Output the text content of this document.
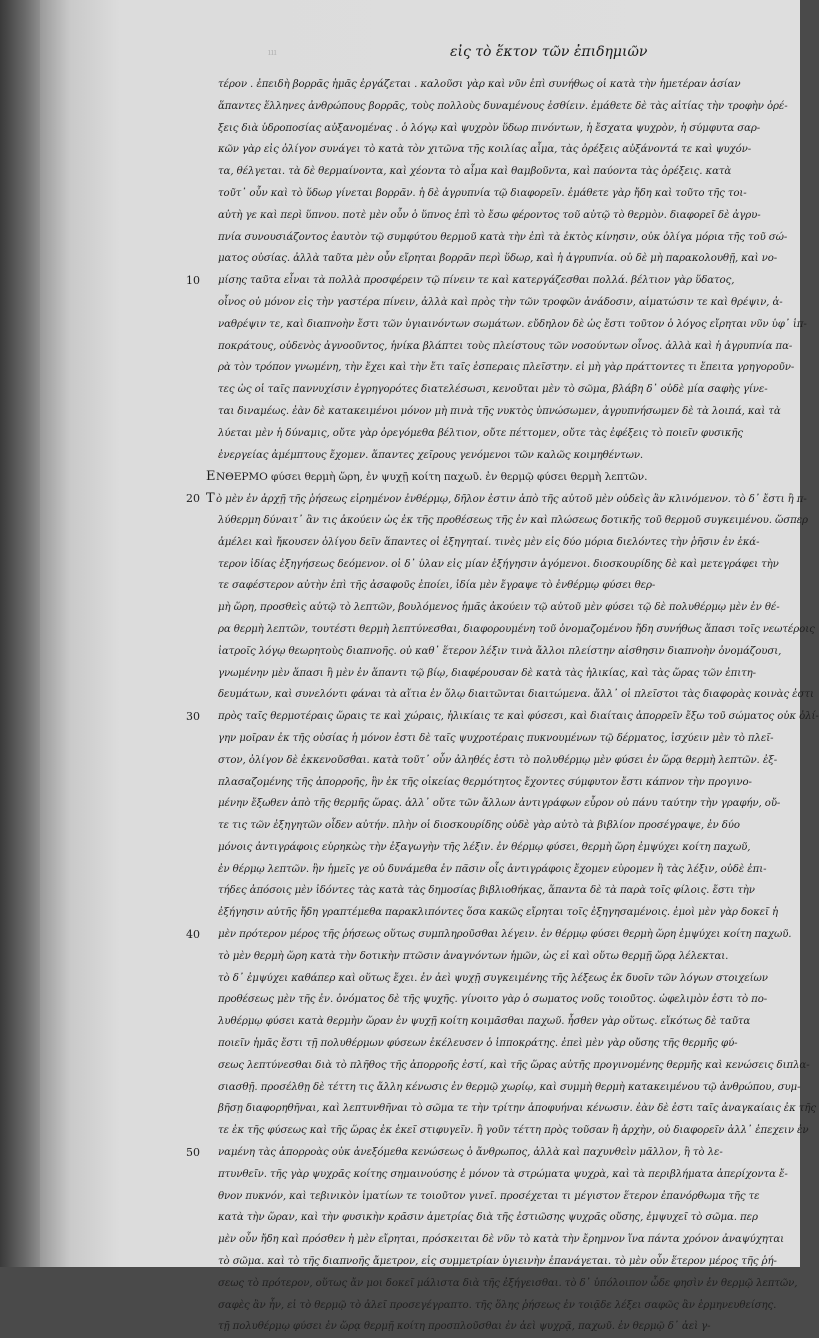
ııı	εἰς τὸ ἕκτον τῶν ἐπιδημιῶν
τέρον . ἐπειδὴ βορρᾶς ἡμᾶς ἐργάζεται . καλοῦσι γὰρ καὶ νῦν ἐπὶ συνήθως οἱ κατὰ τὴν ἡμετέραν ἀσίαν
ἅπαντες ἕλληνες ἀνθρώπους βορρᾶς, τοὺς πολλοὺς δυναμένους ἐσθίειν. ἐμάθετε δὲ τὰς αἰτίας τὴν τροφὴν ὀρέ-
ξεις διὰ ὑδροποσίας αὐξανομένας . ὁ λόγῳ καὶ ψυχρὸν ὕδωρ πινόντων, ἡ ἔσχατα ψυχρὸν, ἡ σύμφυτα σαρ-
κῶν γὰρ εἰς ὀλίγον συνάγει τὸ κατὰ τὸν χιτῶνα τῆς κοιλίας αἷμα, τὰς ὀρέξεις αὐξάνοντά τε καὶ ψυχόν-
τα, θέλγεται. τὰ δὲ θερμαίνοντα, καὶ χέοντα τὸ αἷμα καὶ θαμβοῦντα, καὶ παύοντα τὰς ὀρέξεις. κατὰ
τοῦτ᾽ οὖν καὶ τὸ ὕδωρ γίνεται βορρᾶν. ἡ δὲ ἀγρυπνία τῷ διαφορεῖν. ἐμάθετε γὰρ ἤδη καὶ τοῦτο τῆς τοι-
αὐτὴ γε καὶ περὶ ὕπνου. ποτὲ μὲν οὖν ὁ ὕπνος ἐπὶ τὸ ἔσω φέροντος τοῦ αὐτῷ τὸ θερμὸν. διαφορεῖ δὲ ἀγρυ-
πνία συνουσιάζοντος ἑαυτὸν τῷ συμφύτου θερμοῦ κατὰ τὴν ἐπὶ τὰ ἐκτὸς κίνησιν, οὐκ ὀλίγα μόρια τῆς τοῦ σώ-
ματος οὐσίας. ἀλλὰ ταῦτα μὲν οὖν εἴρηται βορρᾶν περὶ ὕδωρ, καὶ ἡ ἀγρυπνία. οὐ δὲ μὴ παρακολουθῇ, καὶ νο-
μίσης ταῦτα εἶναι τὰ πολλὰ προσφέρειν τῷ πίνειν τε καὶ κατεργάζεσθαι πολλά. βέλτιον γὰρ ὕδατος,
οἶνος οὐ μόνον εἰς τὴν γαστέρα πίνειν, ἀλλὰ καὶ πρὸς τὴν τῶν τροφῶν ἀνάδοσιν, αἱματώσιν τε καὶ θρέψιν, ἀ-
ναθρέψιν τε, καὶ διαπνοὴν ἔστι τῶν ὑγιαινόντων σωμάτων. εὔδηλον δὲ ὡς ἔστι τοῦτον ὁ λόγος εἴρηται νῦν ὑφ᾽ ἱπ-
ποκράτους, οὐδενὸς ἀγνοοῦντος, ἡνίκα βλάπτει τοὺς πλείστους τῶν νοσούντων οἶνος. ἀλλὰ καὶ ἡ ἀγρυπνία πα-
ρὰ τὸν τρόπον γνωμένη, τὴν ἔχει καὶ τὴν ἔτι ταῖς ἑσπεραις πλεῖστην. εἰ μὴ γὰρ πράττοντες τι ἔπειτα γρηγοροῦν-
τες ὡς οἱ ταῖς παννυχίσιν ἐγρηγορότες διατελέσωσι, κενοῦται μὲν τὸ σῶμα, βλάβη δ᾽ οὐδὲ μία σαφὴς γίνε-
ται διναμέως. ἐὰν δὲ κατακειμένοι μόνον μὴ πινὰ τῆς νυκτὸς ὑπνώσωμεν, ἀγρυπνήσωμεν δὲ τὰ λοιπά, καὶ τὰ
λύεται μὲν ἡ δύναμις, οὔτε γὰρ ὀρεγόμεθα βέλτιον, οὔτε πέττομεν, οὔτε τὰς ἐφέξεις τὸ ποιεῖν φυσικῆς
ἐνεργείας ἀμέμπτους ἔχομεν. ἅπαντες χεῖρους γενόμενοι τῶν καλῶς κοιμηθέντων.
ΕΝΘΕΡΜΟ φύσει θερμὴ ὥρη, ἐν ψυχῇ κοίτη παχωῦ. ἐν θερμῷ φύσει θερμὴ λεπτῶν.
Τὸ μὲν ἐν ἀρχῇ τῆς ῥήσεως εἰρημένον ἐνθέρμῳ, δῆλον ἐστιν ἀπὸ τῆς αὐτοῦ μὲν οὐδεὶς ἂν κλινόμενον. τὸ δ᾽ ἔστι ἢ π-
λύθερμη δύναιτ᾽ ἂν τις ἀκούειν ὡς ἐκ τῆς προθέσεως τῆς ἐν καὶ πλώσεως δοτικῆς τοῦ θερμοῦ συγκειμένου. ὥσπερ
ἀμέλει καὶ ἤκουσεν ὀλίγου δεῖν ἅπαντες οἱ ἐξηγηταί. τινὲς μὲν εἰς δύο μόρια διελόντες τὴν ῥῆσιν ἐν ἑκά-
τερον ἰδίας ἐξηγήσεως δεόμενον. οἱ δ᾽ ὑλαν εἰς μίαν ἐξήγησιν ἀγόμενοι. διοσκουρίδης δὲ καὶ μετεγράφει τὴν
τε σαφέστερον αὐτὴν ἐπὶ τῆς ἀσαφοῦς ἐποίει, ἰδία μὲν ἔγραψε τὸ ἐνθέρμῳ φύσει θερ-
μὴ ὥρη, προσθεὶς αὐτῷ τὸ λεπτῶν, βουλόμενος ἡμᾶς ἀκούειν τῷ αὐτοῦ μὲν φύσει τῷ δὲ πολυθέρμῳ μὲν ἐν θέ-
ρα θερμὴ λεπτῶν, τουτέστι θερμὴ λεπτύνεσθαι, διαφορουμένη τοῦ ὀνομαζομένου ἤδη συνήθως ἅπασι τοῖς νεωτέροις
ἰατροῖς λόγῳ θεωρητοὺς διαπνοῆς. οὐ καθ᾽ ἕτερον λέξιν τινὰ ἄλλοι πλείστην αἰσθησιν διαπνοὴν ὀνομάζουσι,
γνωμένην μὲν ἅπασι ἢ μὲν ἐν ἅπαντι τῷ βίῳ, διαφέρουσαν δὲ κατὰ τὰς ἡλικίας, καὶ τὰς ὥρας τῶν ἐπιτη-
δευμάτων, καὶ συνελόντι φάναι τὰ αἴτια ἐν ὅλῳ διαιτῶνται διαιτώμενα. ἄλλ᾽ οἱ πλεῖστοι τὰς διαφορὰς κοινὰς ἐστι
πρὸς ταῖς θερμοτέραις ὥραις τε καὶ χώραις, ἡλικίαις τε καὶ φύσεσι, καὶ διαίταις ἀπορρεῖν ἔξω τοῦ σώματος οὐκ ὀλί-
γην μοῖραν ἐκ τῆς οὐσίας ἡ μόνον ἐστι δὲ ταῖς ψυχροτέραις πυκνουμένων τῷ δέρματος, ἰσχύειν μὲν τὸ πλεῖ-
στον, ὀλίγον δὲ ἐκκενοῦσθαι. κατὰ τοῦτ᾽ οὖν ἀληθές ἐστι τὸ πολυθέρμῳ μὲν φύσει ἐν ὥρᾳ θερμὴ λεπτῶν. ἐξ-
πλασαζομένης τῆς ἀπορροῆς, ἣν ἐκ τῆς οἰκείας θερμότητος ἔχοντες σύμφυτον ἔστι κάπνον τὴν προγινο-
μένην ἔξωθεν ἀπὸ τῆς θερμῆς ὥρας. ἀλλ᾽ οὔτε τῶν ἄλλων ἀντιγράφων εὗρον οὐ πάνυ ταύτην τὴν γραφήν, οὔ-
τε τις τῶν ἐξηγητῶν οἶδεν αὐτήν. πλὴν οἱ διοσκουρίδης οὐδὲ γὰρ αὐτὸ τὰ βιβλίον προσέγραψε, ἐν δύο
μόνοις ἀντιγράφοις εὑρηκὼς τὴν ἐξαγωγὴν τῆς λέξιν. ἐν θέρμῳ φύσει, θερμὴ ὥρη ἐμψύχει κοίτη παχωῦ,
ἐν θέρμῳ λεπτῶν. ἣν ἡμεῖς γε οὐ δυνάμεθα ἐν πᾶσιν οἷς ἀντιγράφοις ἔχομεν εὑρομεν ἢ τὰς λέξιν, οὐδὲ ἐπι-
τήδες ἀπόσοις μὲν ἰδόντες τὰς κατὰ τὰς δημοσίας βιβλιοθήκας, ἅπαντα δὲ τὰ παρὰ τοῖς φίλοις. ἔστι τὴν
ἐξήγησιν αὐτῆς ἤδη γραπτέμεθα παρακλιπόντες ὅσα κακῶς εἴρηται τοῖς ἐξηγησαμένοις. ἐμοὶ μὲν γὰρ δοκεῖ ἡ
μὲν πρότερον μέρος τῆς ῥήσεως οὕτως συμπληροῦσθαι λέγειν. ἐν θέρμῳ φύσει θερμὴ ὥρη ἐμψύχει κοίτη παχωῦ.
τὸ μὲν θερμὴ ὥρη κατὰ τὴν δοτικὴν πτῶσιν ἀναγνόντων ἡμῶν, ὡς εἰ καὶ οὕτω θερμῇ ὥρᾳ λέλεκται.
τὸ δ᾽ ἐμψύχει καθάπερ καὶ οὕτως ἔχει. ἐν ἀεὶ ψυχῇ συγκειμένης τῆς λέξεως ἐκ δυοῖν τῶν λόγων στοιχείων
προθέσεως μὲν τῆς ἐν. ὀνόματος δὲ τῆς ψυχῆς. γίνοιτο γὰρ ὁ σωματος νοῦς τοιοῦτος. ὠφελιμὸν ἐστι τὸ πο-
λυθέρμῳ φύσει κατὰ θερμὴν ὥραν ἐν ψυχῇ κοίτη κοιμᾶσθαι παχωῦ. ἦσθεν γὰρ οὕτως. εἴκότως δὲ ταῦτα
ποιεῖν ἡμᾶς ἔστι τῇ πολυθέρμων φύσεων ἐκέλευσεν ὁ ἱπποκράτης. ἐπεὶ μὲν γὰρ οὔσης τῆς θερμῆς φύ-
σεως λεπτύνεσθαι διὰ τὸ πλῆθος τῆς ἀπορροῆς ἐστί, καὶ τῆς ὥρας αὐτῆς προγινομένης θερμῆς καὶ κενώσεις διπλα-
σιασθῇ. προσέλθῃ δὲ τέττη τις ἄλλη κένωσις ἐν θερμῷ χωρίῳ, καὶ συμμὴ θερμὴ κατακειμένου τῷ ἀνθρώπου, συμ-
βῆσῃ διαφορηθῆναι, καὶ λεπτυνθῆναι τὸ σῶμα τε τὴν τρίτην ἀποφυήναι κένωσιν. ἐὰν δὲ ἐστι ταῖς ἀναγκαίαις ἐκ τῆς
τε ἐκ τῆς φύσεως καὶ τῆς ὥρας ἐκ ἐκεῖ στιφυγεῖν. ἢ γοῦν τέττη πρὸς τοῦσαν ἢ ἀρχὴν, οὐ διαφορεῖν ἀλλ᾽ ἐπεχειν ἐν
ναμένη τὰς ἀπορροὰς οὐκ ἀνεξόμεθα κενώσεως ὁ ἄνθρωπος, ἀλλὰ καὶ παχυνθεὶν μᾶλλον, ἢ τὸ λε-
πτυνθεῖν. τῆς γὰρ ψυχρᾶς κοίτης σημαινούσης ἐ μόνον τὰ στρώματα ψυχρὰ, καὶ τὰ περιβλήματα ἀπερίχοντα ἔ-
θνον πυκνόν, καὶ τεβινικὸν ἱματίων τε τοιοῦτον γινεῖ. προσέχεται τι μέγιστον ἕτερον ἐπανόρθωμα τῆς τε
κατὰ τὴν ὥραν, καὶ τὴν φυσικὴν κρᾶσιν ἀμετρίας διὰ τῆς ἐστιῶσης ψυχρᾶς οὔσης, ἐμψυχεῖ τὸ σῶμα. περ
μὲν οὖν ἤδη καὶ πρόσθεν ἡ μὲν εἴρηται, πρόσκειται δὲ νῦν τὸ κατὰ τὴν ἔρημνον ἵνα πάντα χρόνον ἀναψύχηται
τὸ σῶμα. καὶ τὸ τῆς διαπνοῆς ἄμετρον, εἰς συμμετρίαν ὑγιεινὴν ἐπανάγεται. τὸ μὲν οὖν ἕτερον μέρος τῆς ῥή-
σεως τὸ πρότερον, οὕτως ἄν μοι δοκεῖ μάλιστα διὰ τῆς ἐξήγεισθαι. τὸ δ᾽ ὑπόλοιπον ὧδε φησὶν ἐν θερμῷ λεπτῶν,
σαφὲς ἂν ἦν, εἰ τὸ θερμῷ τὸ ἀλεῖ προσεγέγραπτο. τῆς ὅλης ῥήσεως ἐν τοιᾷδε λέξει σαφῶς ἂν ἑρμηνευθείσης.
τῇ πολυθέρμῳ φύσει ἐν ὥρᾳ θερμῇ κοίτη προσπλοῦσθαι ἐν ἀεὶ ψυχρᾷ, παχωῦ. ἐν θερμῷ δ᾽ ἀεὶ γ-
10
20
30
40
50
